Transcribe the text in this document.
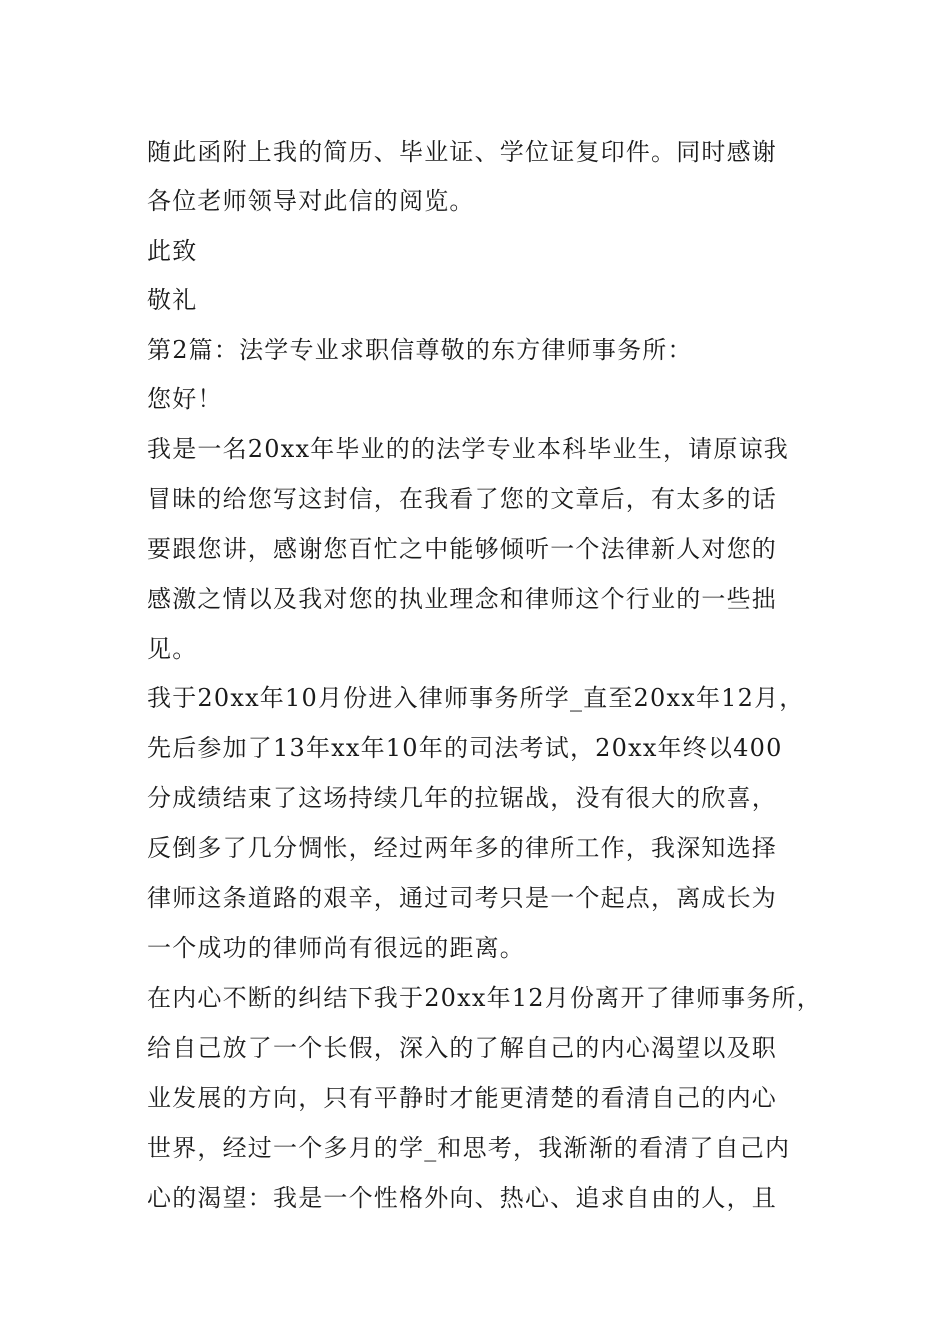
随此函附上我的简历、毕业证、学位证复印件。同时感谢

各位老师领导对此信的阅览。

此致

敬礼

第2篇：法学专业求职信尊敬的东方律师事务所：

您好！

我是一名20xx年毕业的的法学专业本科毕业生，请原谅我

冒昧的给您写这封信，在我看了您的文章后，有太多的话

要跟您讲，感谢您百忙之中能够倾听一个法律新人对您的

感激之情以及我对您的执业理念和律师这个行业的一些拙

见。

我于20xx年10月份进入律师事务所学_直至20xx年12月，

先后参加了13年xx年10年的司法考试，20xx年终以400

分成绩结束了这场持续几年的拉锯战，没有很大的欣喜，

反倒多了几分惆怅，经过两年多的律所工作，我深知选择

律师这条道路的艰辛，通过司考只是一个起点，离成长为

一个成功的律师尚有很远的距离。

在内心不断的纠结下我于20xx年12月份离开了律师事务所，

给自己放了一个长假，深入的了解自己的内心渴望以及职

业发展的方向，只有平静时才能更清楚的看清自己的内心

世界，经过一个多月的学_和思考，我渐渐的看清了自己内

心的渴望：我是一个性格外向、热心、追求自由的人，且
